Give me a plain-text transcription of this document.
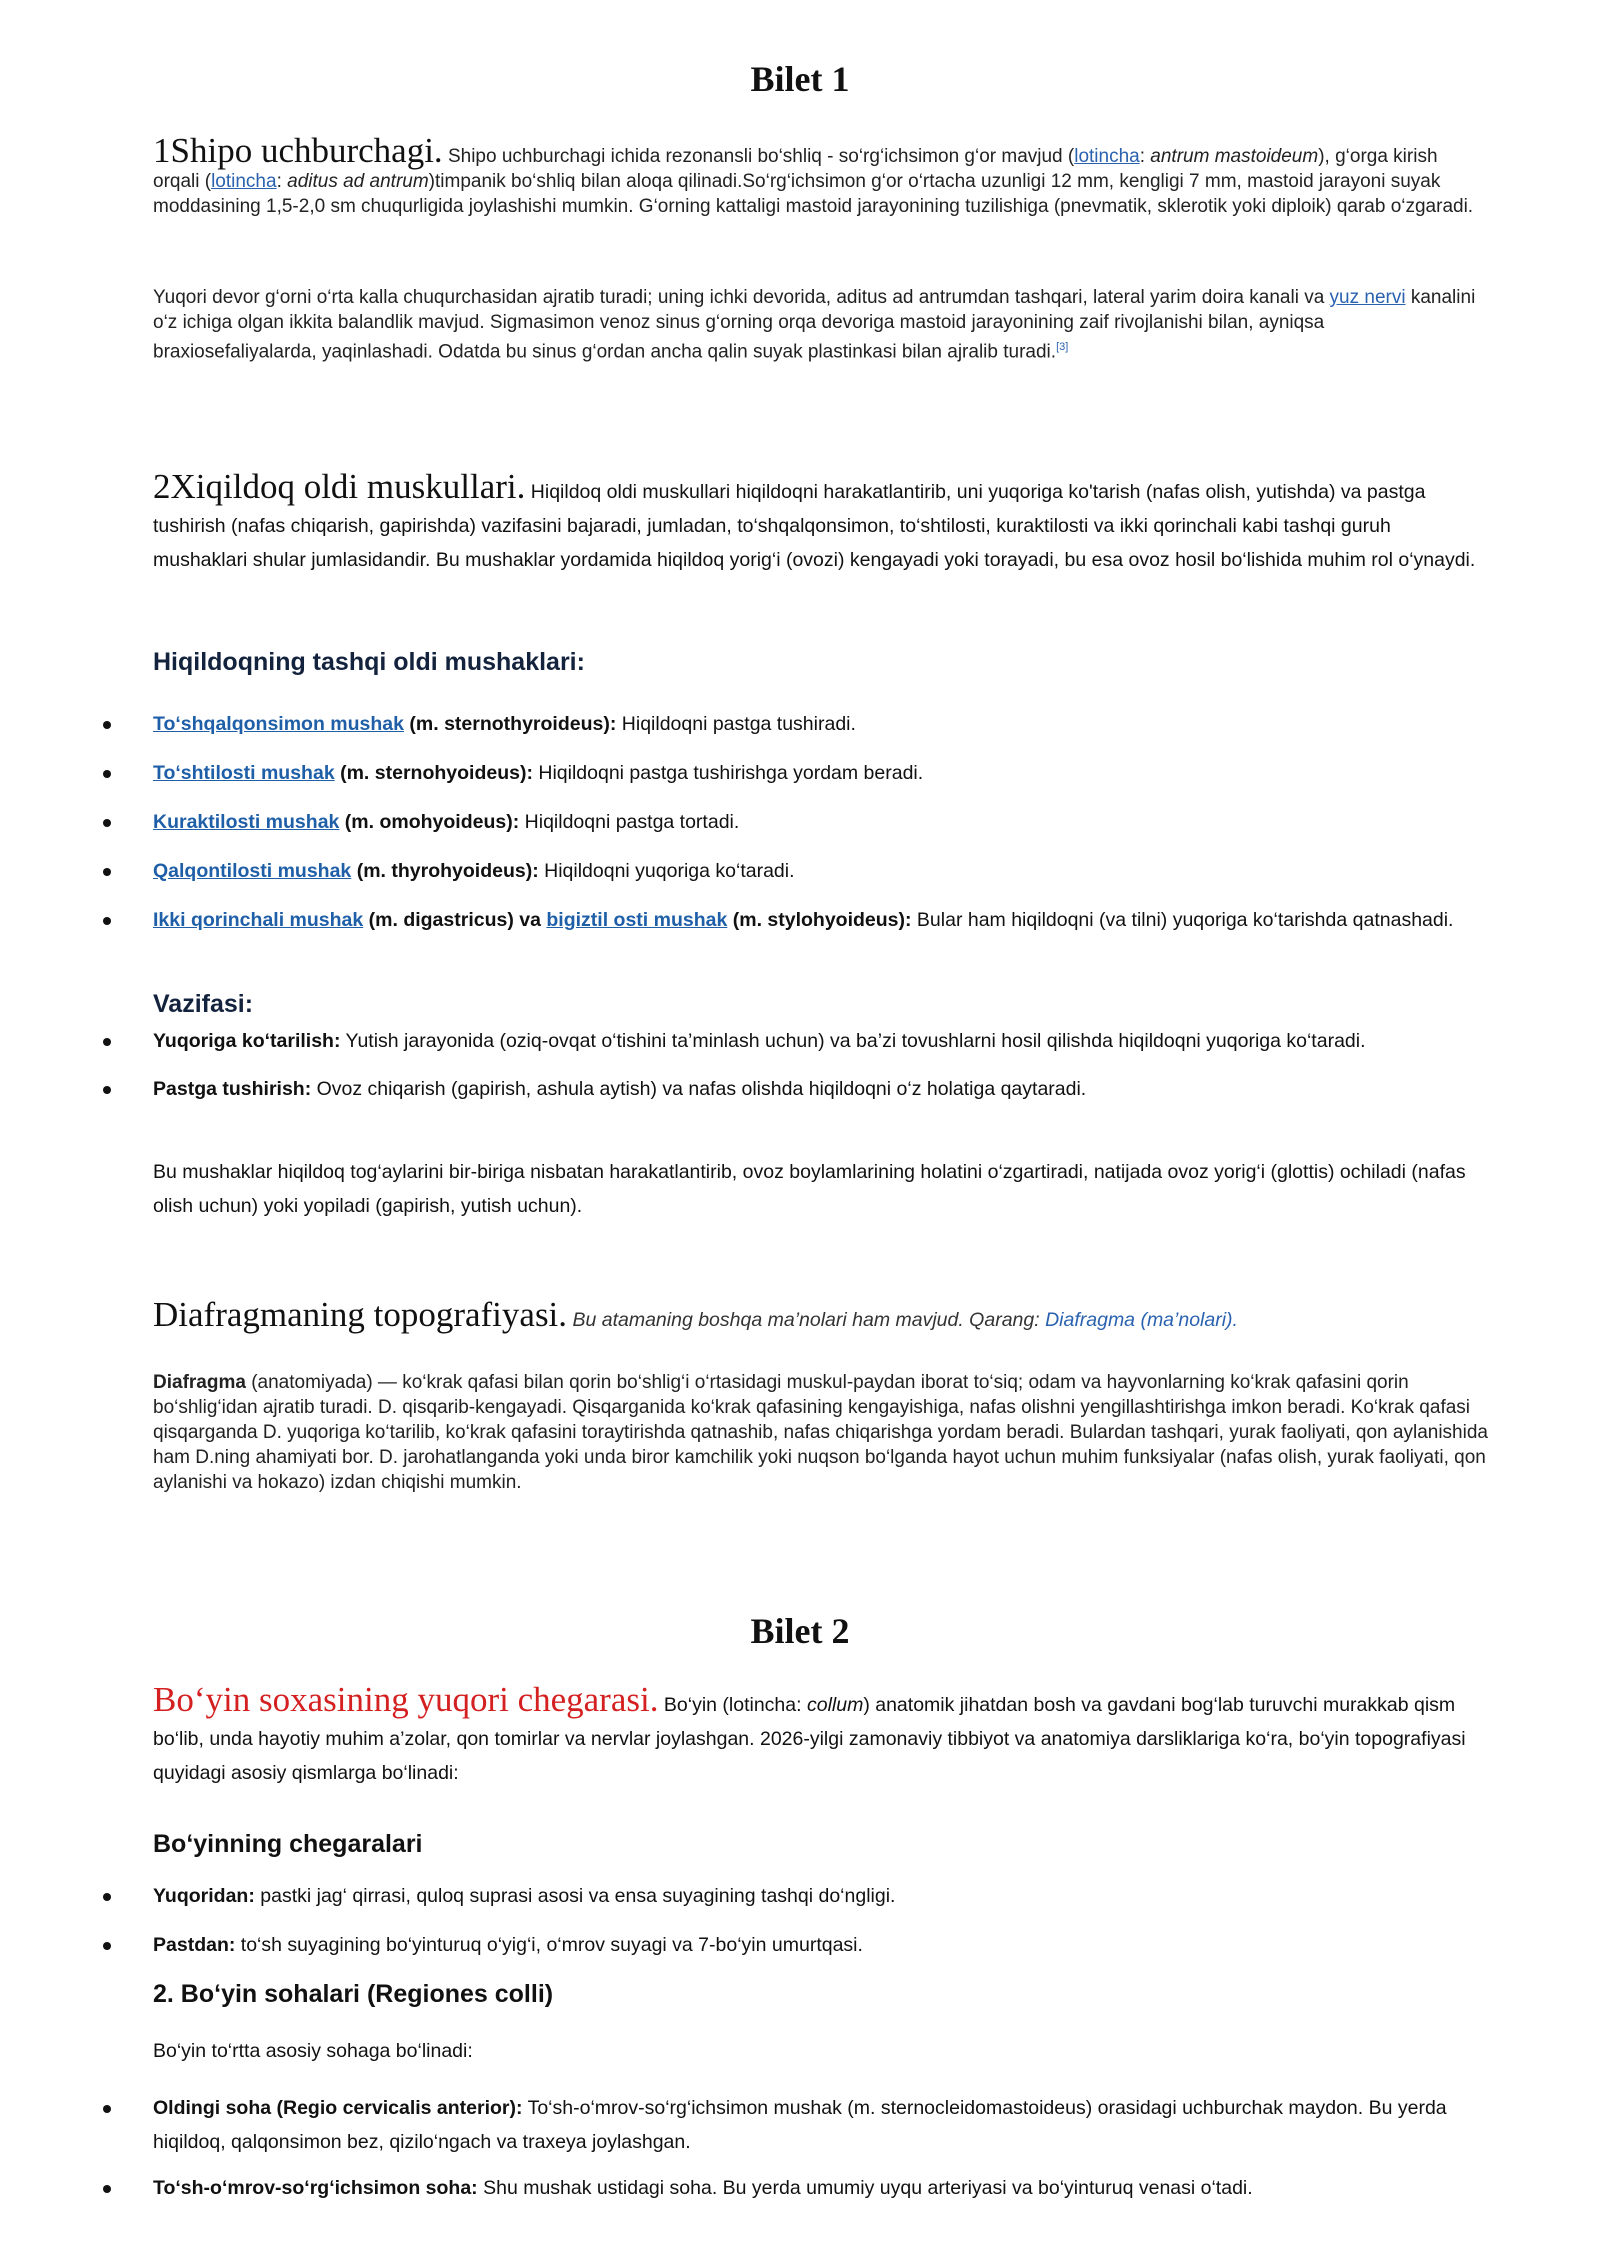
Bilet 1
1Shipo uchburchagi. Shipo uchburchagi ichida rezonansli bo‘shliq - so‘rg‘ichsimon g‘or mavjud (lotincha: antrum mastoideum), g‘orga kirish orqali (lotincha: aditus ad antrum)timpanik bo‘shliq bilan aloqa qilinadi.So‘rg‘ichsimon g‘or o‘rtacha uzunligi 12 mm, kengligi 7 mm, mastoid jarayoni suyak moddasining 1,5-2,0 sm chuqurligida joylashishi mumkin. G‘orning kattaligi mastoid jarayonining tuzilishiga (pnevmatik, sklerotik yoki diploik) qarab o‘zgaradi.
Yuqori devor g‘orni o‘rta kalla chuqurchasidan ajratib turadi; uning ichki devorida, aditus ad antrumdan tashqari, lateral yarim doira kanali va yuz nervi kanalini o‘z ichiga olgan ikkita balandlik mavjud. Sigmasimon venoz sinus g‘orning orqa devoriga mastoid jarayonining zaif rivojlanishi bilan, ayniqsa braxiosefaliyalarda, yaqinlashadi. Odatda bu sinus g‘ordan ancha qalin suyak plastinkasi bilan ajralib turadi.[3]
2Xiqildoq oldi muskullari. Hiqildoq oldi muskullari hiqildoqni harakatlantirib, uni yuqoriga ko'tarish (nafas olish, yutishda) va pastga tushirish (nafas chiqarish, gapirishda) vazifasini bajaradi, jumladan, to‘shqalqonsimon, to‘shtilosti, kuraktilosti va ikki qorinchali kabi tashqi guruh mushaklari shular jumlasidandir. Bu mushaklar yordamida hiqildoq yorig‘i (ovozi) kengayadi yoki torayadi, bu esa ovoz hosil bo‘lishida muhim rol o‘ynaydi.
Hiqildoqning tashqi oldi mushaklari:
To‘shqalqonsimon mushak (m. sternothyroideus): Hiqildoqni pastga tushiradi.
To‘shtilosti mushak (m. sternohyoideus): Hiqildoqni pastga tushirishga yordam beradi.
Kuraktilosti mushak (m. omohyoideus): Hiqildoqni pastga tortadi.
Qalqontilosti mushak (m. thyrohyoideus): Hiqildoqni yuqoriga ko‘taradi.
Ikki qorinchali mushak (m. digastricus) va bigiztil osti mushak (m. stylohyoideus): Bular ham hiqildoqni (va tilni) yuqoriga ko‘tarishda qatnashadi.
Vazifasi:
Yuqoriga ko‘tarilish: Yutish jarayonida (oziq-ovqat o‘tishini ta’minlash uchun) va ba’zi tovushlarni hosil qilishda hiqildoqni yuqoriga ko‘taradi.
Pastga tushirish: Ovoz chiqarish (gapirish, ashula aytish) va nafas olishda hiqildoqni o‘z holatiga qaytaradi.
Bu mushaklar hiqildoq tog‘aylarini bir-biriga nisbatan harakatlantirib, ovoz boylamlarining holatini o‘zgartiradi, natijada ovoz yorig‘i (glottis) ochiladi (nafas olish uchun) yoki yopiladi (gapirish, yutish uchun).
Diafragmaning topografiyasi. Bu atamaning boshqa ma’nolari ham mavjud. Qarang: Diafragma (ma’nolari).
Diafragma (anatomiyada) — ko‘krak qafasi bilan qorin bo‘shlig‘i o‘rtasidagi muskul-paydan iborat to‘siq; odam va hayvonlarning ko‘krak qafasini qorin bo‘shlig‘idan ajratib turadi. D. qisqarib-kengayadi. Qisqarganida ko‘krak qafasining kengayishiga, nafas olishni yengillashtirishga imkon beradi. Ko‘krak qafasi qisqarganda D. yuqoriga ko‘tarilib, ko‘krak qafasini toraytirishda qatnashib, nafas chiqarishga yordam beradi. Bulardan tashqari, yurak faoliyati, qon aylanishida ham D.ning ahamiyati bor. D. jarohatlanganda yoki unda biror kamchilik yoki nuqson bo‘lganda hayot uchun muhim funksiyalar (nafas olish, yurak faoliyati, qon aylanishi va hokazo) izdan chiqishi mumkin.
Bilet 2
Bo‘yin soxasining yuqori chegarasi. Bo‘yin (lotincha: collum) anatomik jihatdan bosh va gavdani bog‘lab turuvchi murakkab qism bo‘lib, unda hayotiy muhim a’zolar, qon tomirlar va nervlar joylashgan. 2026-yilgi zamonaviy tibbiyot va anatomiya darsliklariga ko‘ra, bo‘yin topografiyasi quyidagi asosiy qismlarga bo‘linadi:
Bo‘yinning chegaralari
Yuqoridan: pastki jag‘ qirrasi, quloq suprasi asosi va ensa suyagining tashqi do‘ngligi.
Pastdan: to‘sh suyagining bo‘yinturuq o‘yig‘i, o‘mrov suyagi va 7-bo‘yin umurtqasi.
2. Bo‘yin sohalari (Regiones colli)
Bo‘yin to‘rtta asosiy sohaga bo‘linadi:
Oldingi soha (Regio cervicalis anterior): To‘sh-o‘mrov-so‘rg‘ichsimon mushak (m. sternocleidomastoideus) orasidagi uchburchak maydon. Bu yerda hiqildoq, qalqonsimon bez, qizilo‘ngach va traxeya joylashgan.
To‘sh-o‘mrov-so‘rg‘ichsimon soha: Shu mushak ustidagi soha. Bu yerda umumiy uyqu arteriyasi va bo‘yinturuq venasi o‘tadi.
